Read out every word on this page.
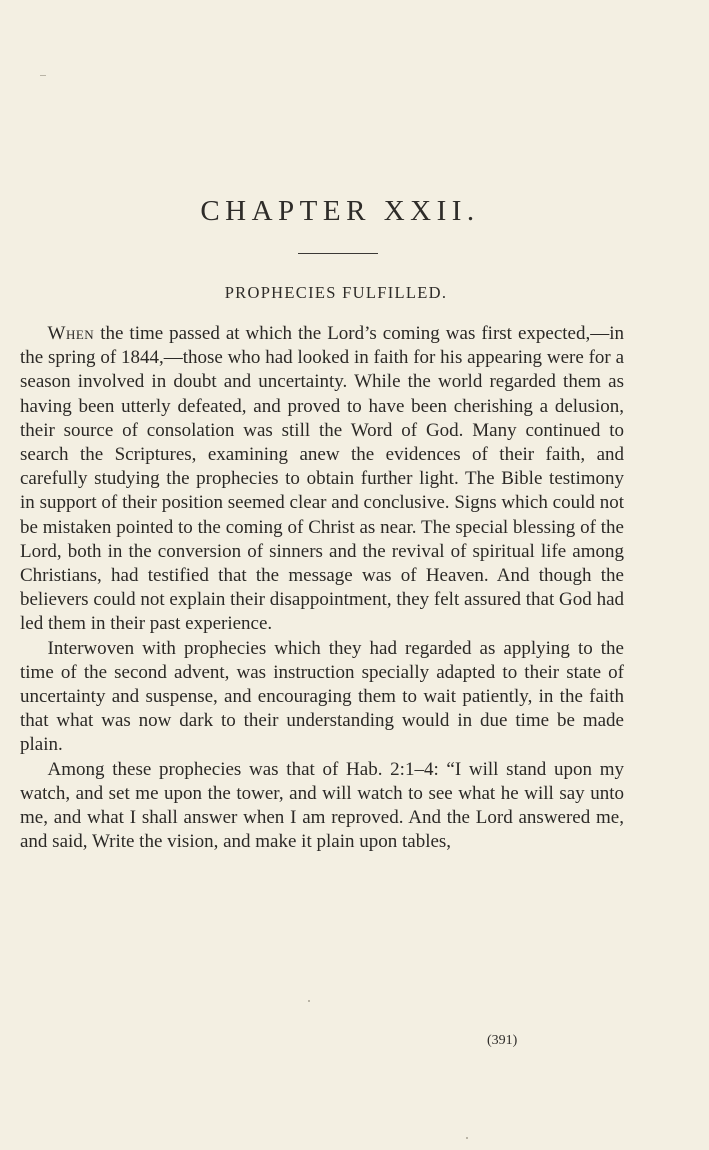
CHAPTER XXII.
PROPHECIES FULFILLED.

When the time passed at which the Lord’s coming was first expected,—in the spring of 1844,—those who had looked in faith for his appearing were for a season involved in doubt and uncertainty. While the world regarded them as having been utterly defeated, and proved to have been cherishing a delusion, their source of consolation was still the Word of God. Many continued to search the Scriptures, examining anew the evidences of their faith, and carefully studying the prophecies to obtain further light. The Bible testimony in support of their position seemed clear and conclusive. Signs which could not be mistaken pointed to the coming of Christ as near. The special blessing of the Lord, both in the conversion of sinners and the revival of spiritual life among Christians, had testified that the message was of Heaven. And though the believers could not explain their disappointment, they felt assured that God had led them in their past experience.

Interwoven with prophecies which they had regarded as applying to the time of the second advent, was instruction specially adapted to their state of uncertainty and suspense, and encouraging them to wait patiently, in the faith that what was now dark to their understanding would in due time be made plain.

Among these prophecies was that of Hab. 2:1–4: “I will stand upon my watch, and set me upon the tower, and will watch to see what he will say unto me, and what I shall answer when I am reproved. And the Lord answered me, and said, Write the vision, and make it plain upon tables,

(391)
